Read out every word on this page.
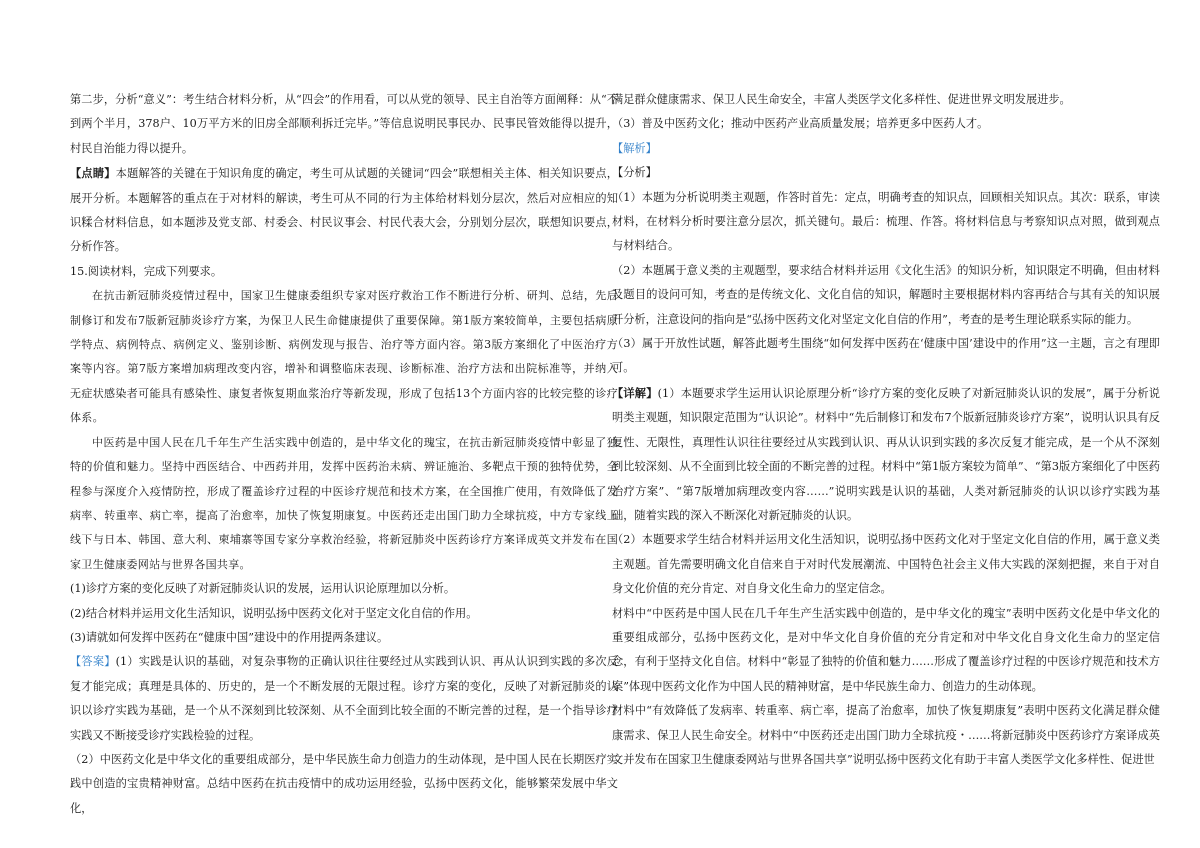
第二步，分析“意义”：考生结合材料分析，从“四会”的作用看，可以从党的领导、民主自治等方面阐释：从“不到两个半月，378户、10万平方米的旧房全部顺利拆迁完毕。”等信息说明民事民办、民事民管效能得以提升，村民自治能力得以提升。

【点睛】本题解答的关键在于知识角度的确定，考生可从试题的关键词“四会”联想相关主体、相关知识要点，展开分析。本题解答的重点在于对材料的解读，考生可从不同的行为主体给材料划分层次，然后对应相应的知识糅合材料信息，如本题涉及党支部、村委会、村民议事会、村民代表大会，分别划分层次，联想知识要点，分析作答。

15.阅读材料，完成下列要求。

在抗击新冠肺炎疫情过程中，国家卫生健康委组织专家对医疗救治工作不断进行分析、研判、总结，先后制修订和发布7版新冠肺炎诊疗方案，为保卫人民生命健康提供了重要保障。第1版方案较简单，主要包括病原学特点、病例特点、病例定义、鉴别诊断、病例发现与报告、治疗等方面内容。第3版方案细化了中医治疗方案等内容。第7版方案增加病理改变内容，增补和调整临床表现、诊断标准、治疗方法和出院标准等，并纳入无症状感染者可能具有感染性、康复者恢复期血浆治疗等新发现，形成了包括13个方面内容的比较完整的诊疗体系。

中医药是中国人民在几千年生产生活实践中创造的，是中华文化的瑰宝，在抗击新冠肺炎疫情中彰显了独特的价值和魅力。坚持中西医结合、中西药并用，发挥中医药治未病、辨证施治、多靶点干预的独特优势，全程参与深度介入疫情防控，形成了覆盖诊疗过程的中医诊疗规范和技术方案，在全国推广使用，有效降低了发病率、转重率、病亡率，提高了治愈率，加快了恢复期康复。中医药还走出国门助力全球抗疫，中方专家线上线下与日本、韩国、意大利、柬埔寨等国专家分享救治经验，将新冠肺炎中医药诊疗方案译成英文并发布在国家卫生健康委网站与世界各国共享。

(1)诊疗方案的变化反映了对新冠肺炎认识的发展，运用认识论原理加以分析。

(2)结合材料并运用文化生活知识，说明弘扬中医药文化对于坚定文化自信的作用。

(3)请就如何发挥中医药在“健康中国”建设中的作用提两条建议。

【答案】(1）实践是认识的基础，对复杂事物的正确认识往往要经过从实践到认识、再从认识到实践的多次反复才能完成；真理是具体的、历史的，是一个不断发展的无限过程。诊疗方案的变化，反映了对新冠肺炎的认识以诊疗实践为基础，是一个从不深刻到比较深刻、从不全面到比较全面的不断完善的过程，是一个指导诊疗实践又不断接受诊疗实践检验的过程。

（2）中医药文化是中华文化的重要组成部分，是中华民族生命力创造力的生动体现，是中国人民在长期医疗实践中创造的宝贵精神财富。总结中医药在抗击疫情中的成功运用经验，弘扬中医药文化，能够繁荣发展中华文化，

满足群众健康需求、保卫人民生命安全，丰富人类医学文化多样性、促进世界文明发展进步。

（3）普及中医药文化；推动中医药产业高质量发展；培养更多中医药人才。

【解析】

【分析】

（1）本题为分析说明类主观题，作答时首先：定点，明确考查的知识点，回顾相关知识点。其次：联系，审读材料，在材料分析时要注意分层次，抓关键句。最后：梳理、作答。将材料信息与考察知识点对照，做到观点与材料结合。

（2）本题属于意义类的主观题型，要求结合材料并运用《文化生活》的知识分析，知识限定不明确，但由材料及题目的设问可知，考查的是传统文化、文化自信的知识，解题时主要根据材料内容再结合与其有关的知识展开分析，注意设问的指向是“弘扬中医药文化对坚定文化自信的作用”，考查的是考生理论联系实际的能力。

（3）属于开放性试题，解答此题考生围绕“如何发挥中医药在‘健康中国’建设中的作用”这一主题，言之有理即可。

【详解】(1）本题要求学生运用认识论原理分析“诊疗方案的变化反映了对新冠肺炎认识的发展”，属于分析说明类主观题，知识限定范围为“认识论”。材料中“先后制修订和发布7个版新冠肺炎诊疗方案”，说明认识具有反复性、无限性，真理性认识往往要经过从实践到认识、再从认识到实践的多次反复才能完成，是一个从不深刻到比较深刻、从不全面到比较全面的不断完善的过程。材料中“第1版方案较为简单”、“第3版方案细化了中医药治疗方案”、“第7版增加病理改变内容……”说明实践是认识的基础，人类对新冠肺炎的认识以诊疗实践为基础，随着实践的深入不断深化对新冠肺炎的认识。

（2）本题要求学生结合材料并运用文化生活知识，说明弘扬中医药文化对于坚定文化自信的作用，属于意义类主观题。首先需要明确文化自信来自于对时代发展潮流、中国特色社会主义伟大实践的深刻把握，来自于对自身文化价值的充分肯定、对自身文化生命力的坚定信念。

材料中“中医药是中国人民在几千年生产生活实践中创造的，是中华文化的瑰宝”表明中医药文化是中华文化的重要组成部分，弘扬中医药文化，是对中华文化自身价值的充分肯定和对中华文化自身文化生命力的坚定信念，有利于坚持文化自信。材料中“彰显了独特的价值和魅力……形成了覆盖诊疗过程的中医诊疗规范和技术方案”体现中医药文化作为中国人民的精神财富，是中华民族生命力、创造力的生动体现。

材料中“有效降低了发病率、转重率、病亡率，提高了治愈率，加快了恢复期康复”表明中医药文化满足群众健康需求、保卫人民生命安全。材料中“中医药还走出国门助力全球抗疫・……将新冠肺炎中医药诊疗方案译成英文并发布在国家卫生健康委网站与世界各国共享”说明弘扬中医药文化有助于丰富人类医学文化多样性、促进世
